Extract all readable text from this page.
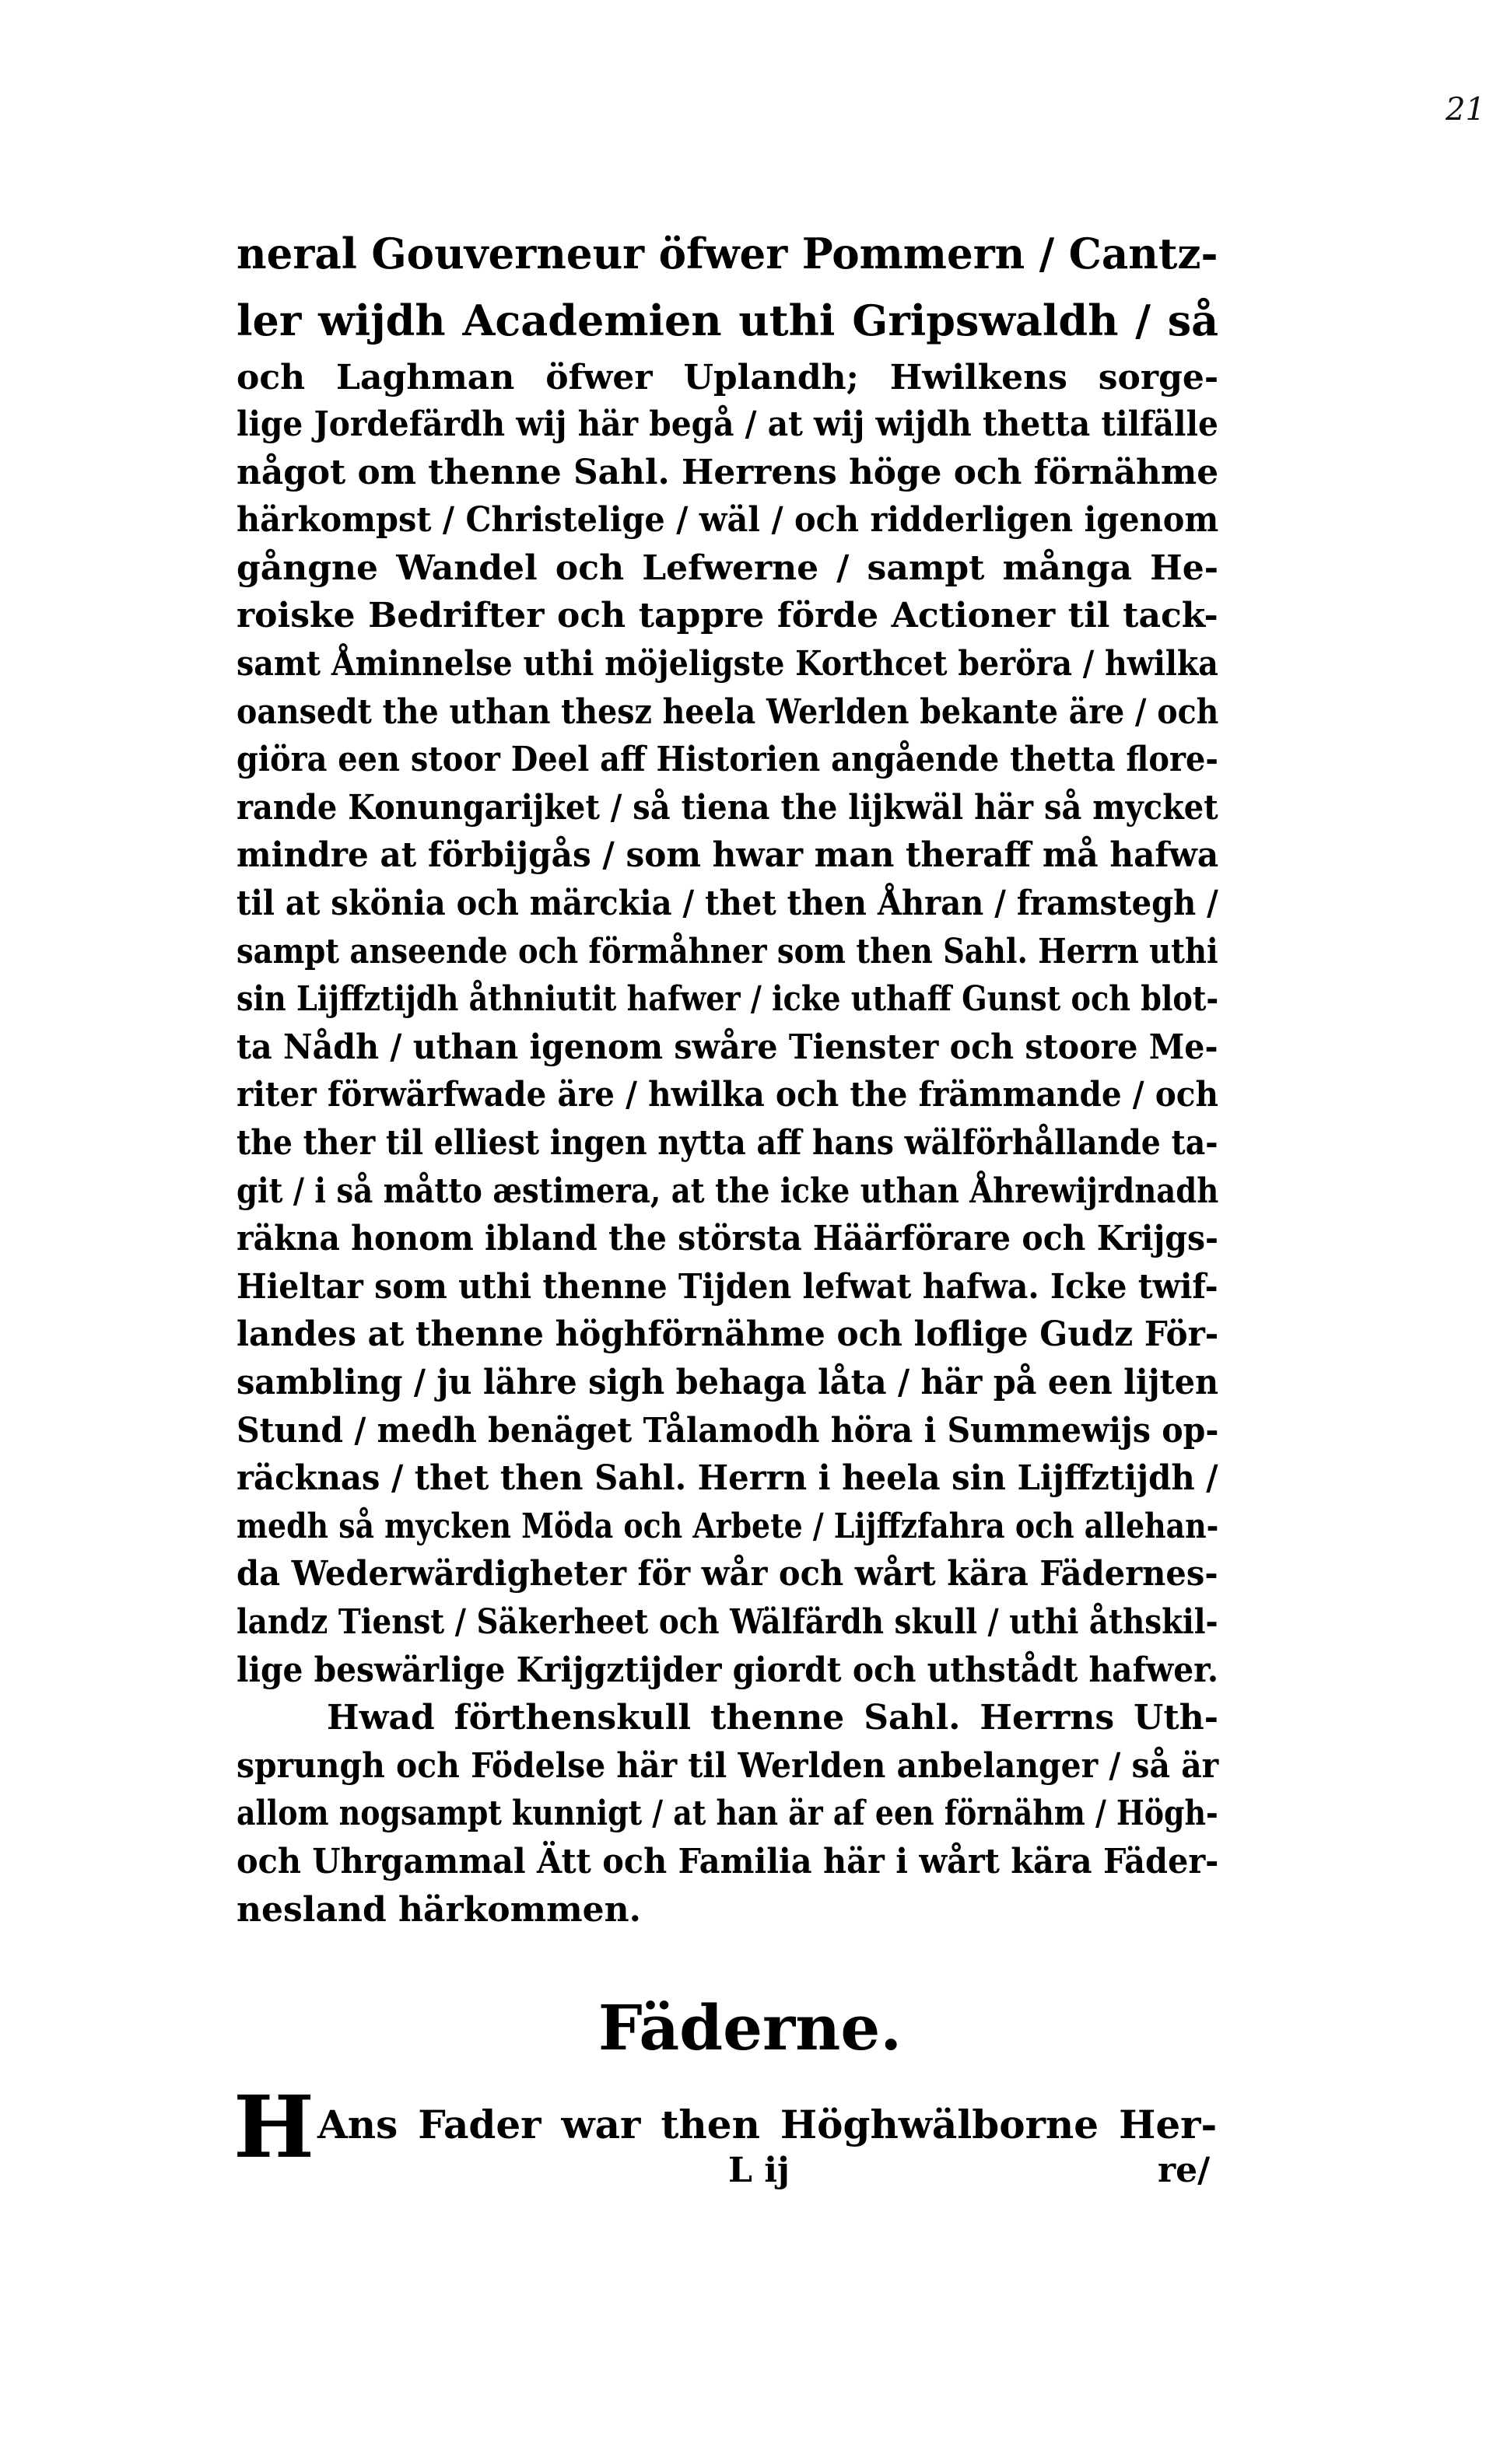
21
neral Gouverneur öfwer Pommern / Cantz-
ler wijdh Academien uthi Gripswaldh / så
och Laghman öfwer Uplandh; Hwilkens sorge-
lige Jordefärdh wij här begå / at wij wijdh thetta tilfälle
något om thenne Sahl. Herrens höge och förnähme
härkompst / Christelige / wäl / och ridderligen igenom
gångne Wandel och Lefwerne / sampt många He-
roiske Bedrifter och tappre förde Actioner til tack-
samt Åminnelse uthi möjeligste Korthcet beröra / hwilka
oansedt the uthan thesz heela Werlden bekante äre / och
giöra een stoor Deel aff Historien angående thetta flore-
rande Konungarijket / så tiena the lijkwäl här så mycket
mindre at förbijgås / som hwar man theraff må hafwa
til at skönia och märckia / thet then Åhran / framstegh /
sampt anseende och förmåhner som then Sahl. Herrn uthi
sin Lijffztijdh åthniutit hafwer / icke uthaff Gunst och blot-
ta Nådh / uthan igenom swåre Tienster och stoore Me-
riter förwärfwade äre / hwilka och the främmande / och
the ther til elliest ingen nytta aff hans wälförhållande ta-
git / i så måtto æstimera, at the icke uthan Åhrewijrdnadh
räkna honom ibland the största Häärförare och Krijgs-
Hieltar som uthi thenne Tijden lefwat hafwa. Icke twif-
landes at thenne höghförnähme och loflige Gudz För-
sambling / ju lähre sigh behaga låta / här på een lijten
Stund / medh benäget Tålamodh höra i Summewijs op-
räcknas / thet then Sahl. Herrn i heela sin Lijffztijdh /
medh så mycken Möda och Arbete / Lijffzfahra och allehan-
da Wederwärdigheter för wår och wårt kära Fädernes-
landz Tienst / Säkerheet och Wälfärdh skull / uthi åthskil-
lige beswärlige Krijgztijder giordt och uthstådt hafwer.
Hwad förthenskull thenne Sahl. Herrns Uth-
sprungh och Födelse här til Werlden anbelanger / så är
allom nogsampt kunnigt / at han är af een förnähm / Högh-
och Uhrgammal Ätt och Familia här i wårt kära Fäder-
nesland härkommen.
Fäderne.
HAns Fader war then Höghwälborne Her-
L ij	re/
